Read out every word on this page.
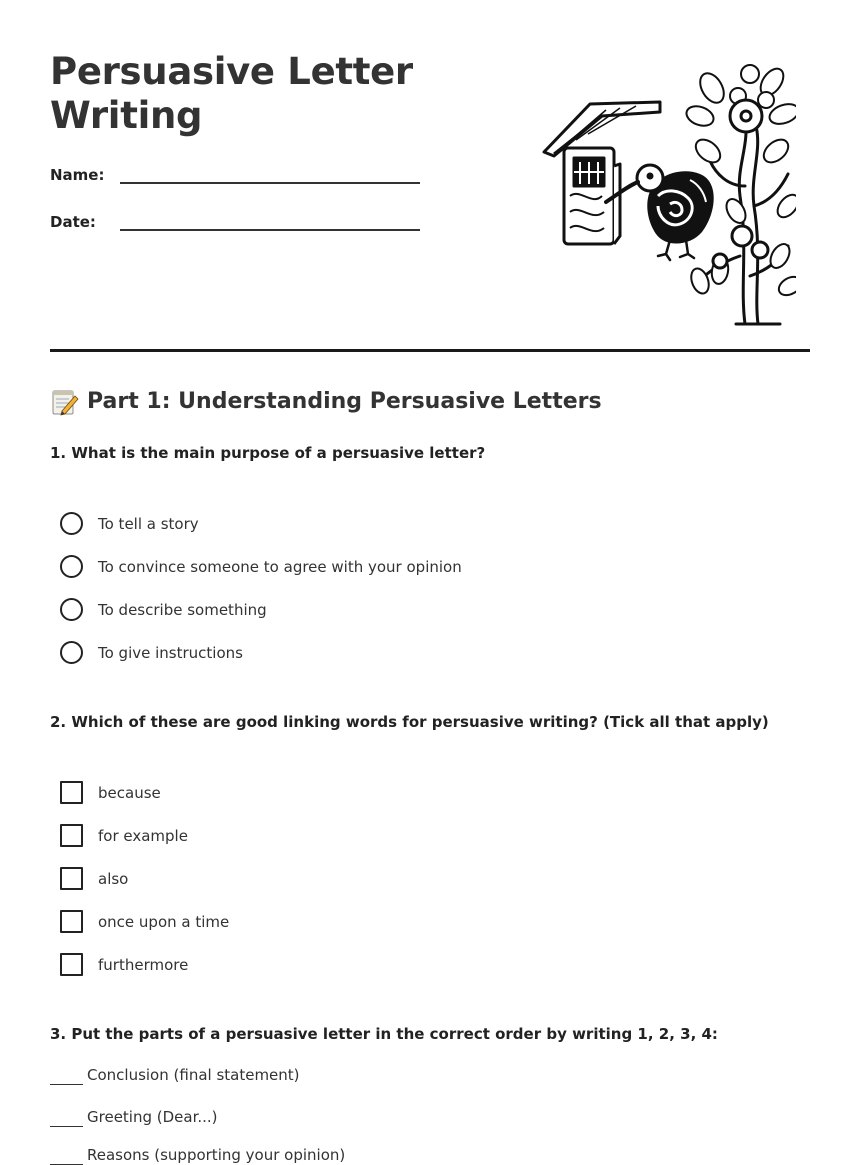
Persuasive Letter
Writing
Name:
Date:
Part 1: Understanding Persuasive Letters

1. What is the main purpose of a persuasive letter?

To tell a story
To convince someone to agree with your opinion
To describe something
To give instructions

2. Which of these are good linking words for persuasive writing? (Tick all that apply)

because
for example
also
once upon a time
furthermore

3. Put the parts of a persuasive letter in the correct order by writing 1, 2, 3, 4:

Conclusion (final statement)
Greeting (Dear...)
Reasons (supporting your opinion)
